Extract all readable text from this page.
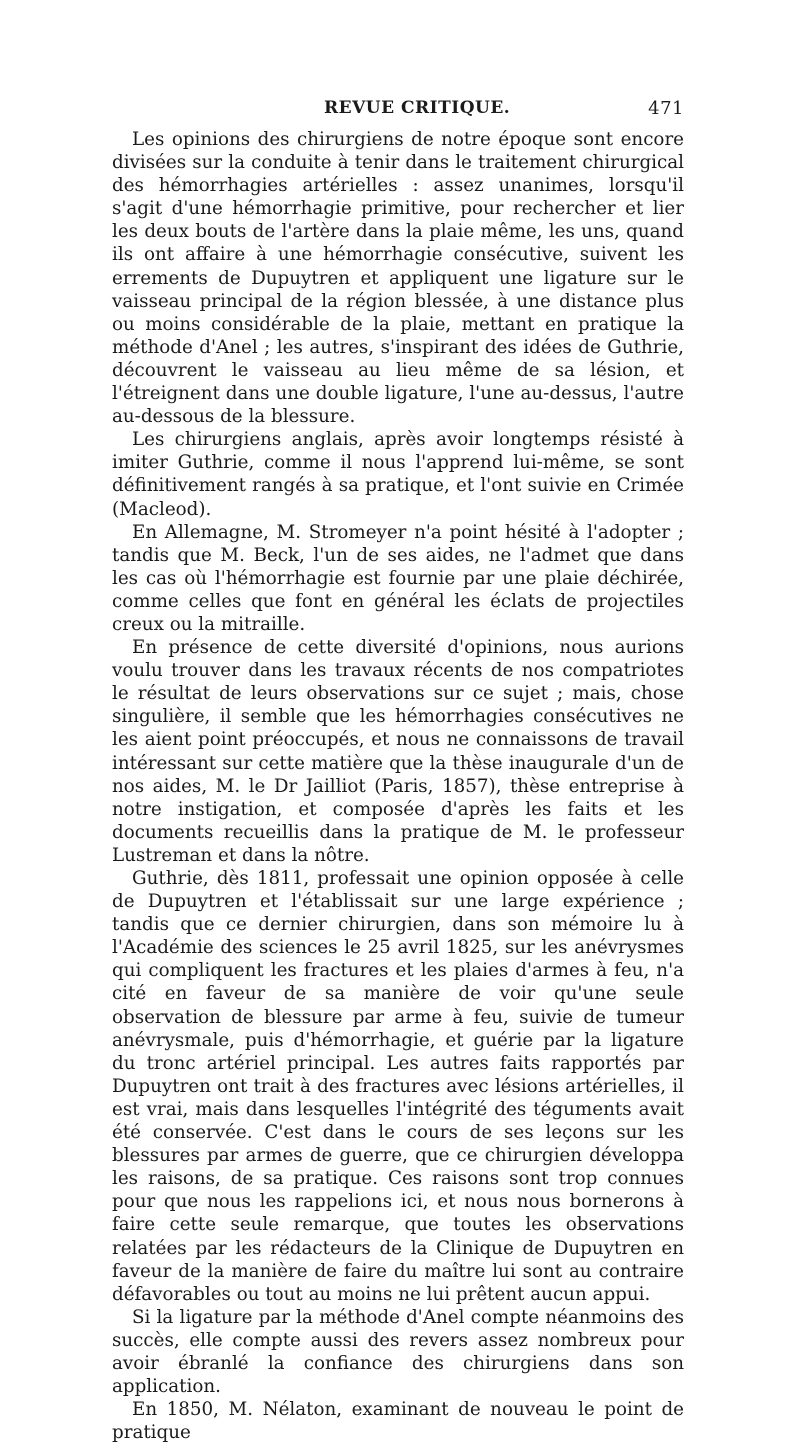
REVUE CRITIQUE.	471

Les opinions des chirurgiens de notre époque sont encore divisées sur la conduite à tenir dans le traitement chirurgical des hémorrhagies artérielles : assez unanimes, lorsqu'il s'agit d'une hémorrhagie primitive, pour rechercher et lier les deux bouts de l'artère dans la plaie même, les uns, quand ils ont affaire à une hémorrhagie consécutive, suivent les errements de Dupuytren et appliquent une ligature sur le vaisseau principal de la région blessée, à une distance plus ou moins considérable de la plaie, mettant en pratique la méthode d'Anel ; les autres, s'inspirant des idées de Guthrie, découvrent le vaisseau au lieu même de sa lésion, et l'étreignent dans une double ligature, l'une au-dessus, l'autre au-dessous de la blessure.

Les chirurgiens anglais, après avoir longtemps résisté à imiter Guthrie, comme il nous l'apprend lui-même, se sont définitivement rangés à sa pratique, et l'ont suivie en Crimée (Macleod).

En Allemagne, M. Stromeyer n'a point hésité à l'adopter ; tandis que M. Beck, l'un de ses aides, ne l'admet que dans les cas où l'hémorrhagie est fournie par une plaie déchirée, comme celles que font en général les éclats de projectiles creux ou la mitraille.

En présence de cette diversité d'opinions, nous aurions voulu trouver dans les travaux récents de nos compatriotes le résultat de leurs observations sur ce sujet ; mais, chose singulière, il semble que les hémorrhagies consécutives ne les aient point préoccupés, et nous ne connaissons de travail intéressant sur cette matière que la thèse inaugurale d'un de nos aides, M. le Dr Jailliot (Paris, 1857), thèse entreprise à notre instigation, et composée d'après les faits et les documents recueillis dans la pratique de M. le professeur Lustreman et dans la nôtre.

Guthrie, dès 1811, professait une opinion opposée à celle de Dupuytren et l'établissait sur une large expérience ; tandis que ce dernier chirurgien, dans son mémoire lu à l'Académie des sciences le 25 avril 1825, sur les anévrysmes qui compliquent les fractures et les plaies d'armes à feu, n'a cité en faveur de sa manière de voir qu'une seule observation de blessure par arme à feu, suivie de tumeur anévrysmale, puis d'hémorrhagie, et guérie par la ligature du tronc artériel principal. Les autres faits rapportés par Dupuytren ont trait à des fractures avec lésions artérielles, il est vrai, mais dans lesquelles l'intégrité des téguments avait été conservée. C'est dans le cours de ses leçons sur les blessures par armes de guerre, que ce chirurgien développa les raisons, de sa pratique. Ces raisons sont trop connues pour que nous les rappelions ici, et nous nous bornerons à faire cette seule remarque, que toutes les observations relatées par les rédacteurs de la Clinique de Dupuytren en faveur de la manière de faire du maître lui sont au contraire défavorables ou tout au moins ne lui prêtent aucun appui.

Si la ligature par la méthode d'Anel compte néanmoins des succès, elle compte aussi des revers assez nombreux pour avoir ébranlé la confiance des chirurgiens dans son application.

En 1850, M. Nélaton, examinant de nouveau le point de pratique
